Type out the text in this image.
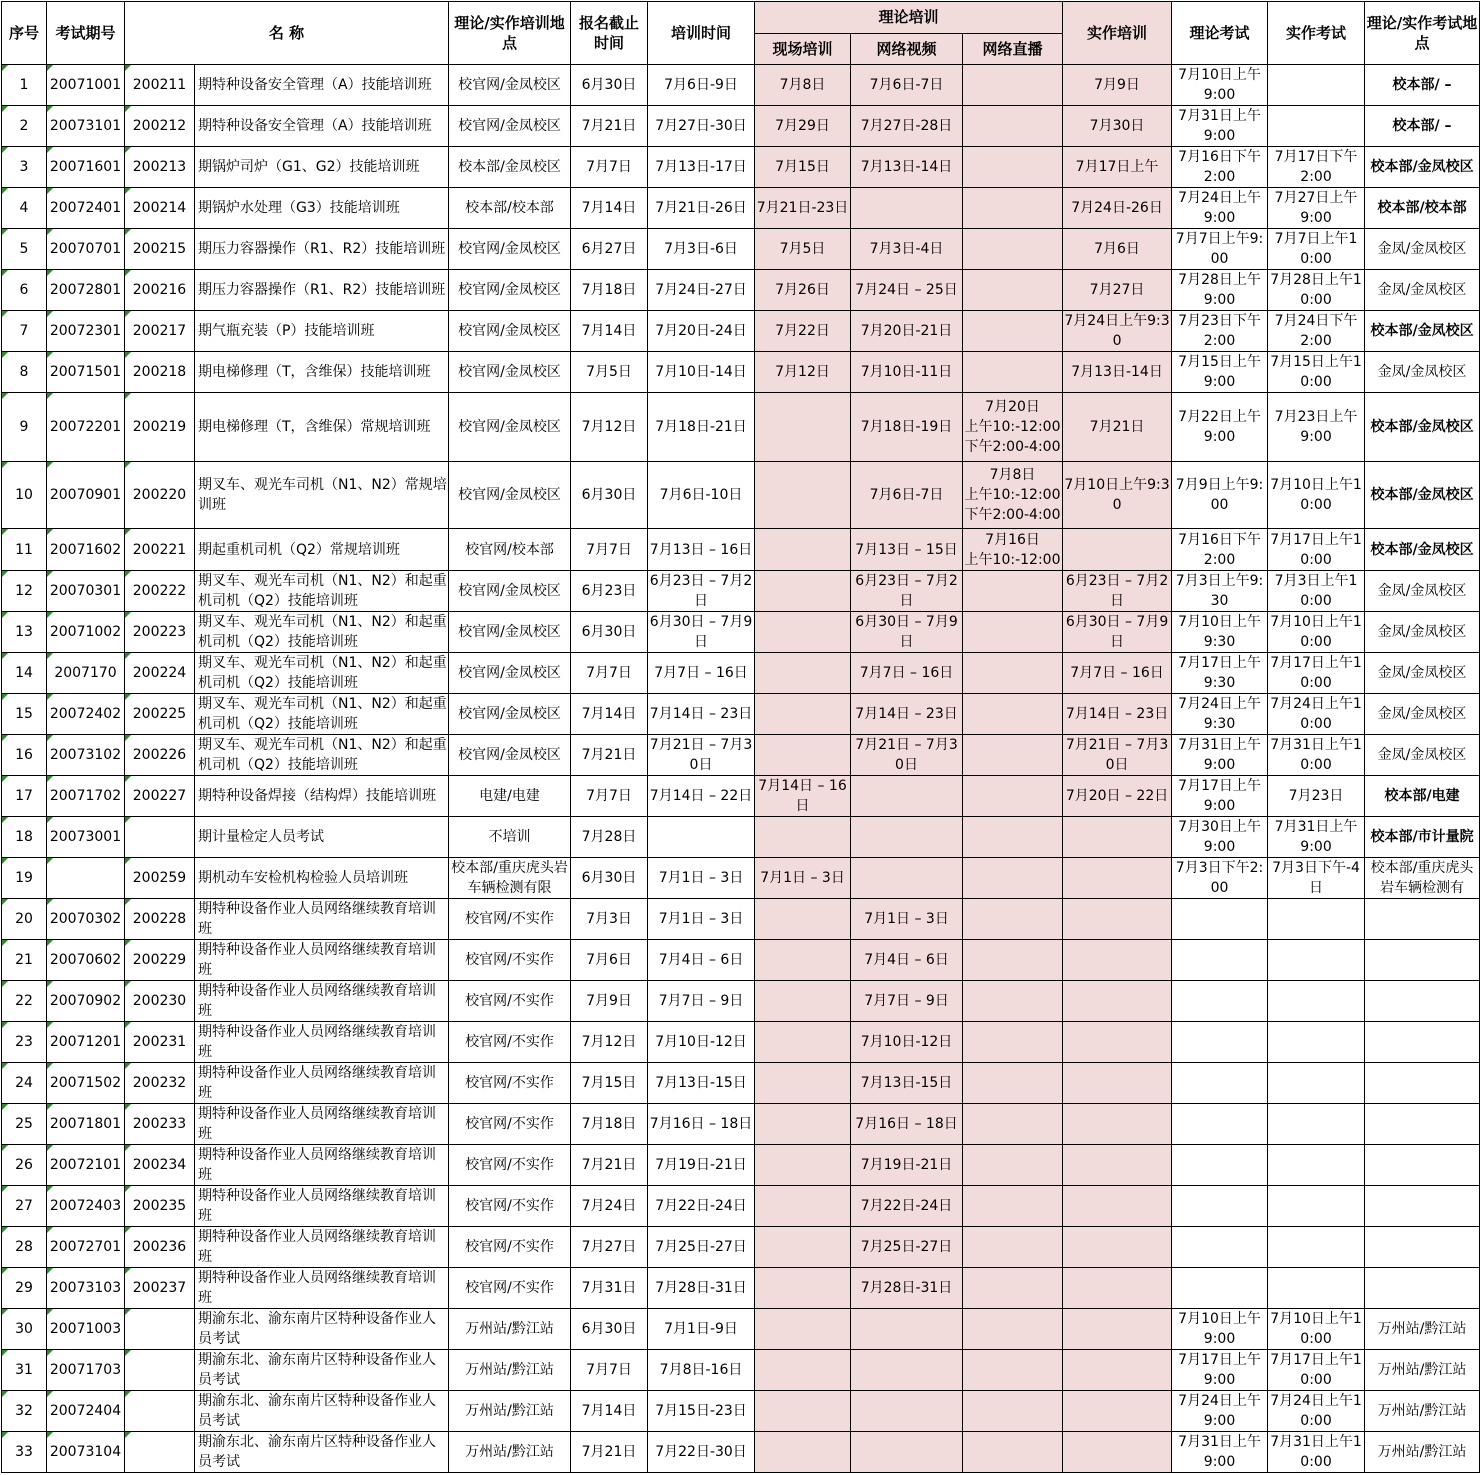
序号	考试期号	名 称		理论/实作培训地点	报名截止时间	培训时间	理论培训			实作培训	理论考试	实作考试	理论/实作考试地点
							现场培训	网络视频	网络直播				
1	20071001	200211	期特种设备安全管理（A）技能培训班	校官网/金凤校区	6月30日	7月6日-9日	7月8日	7月6日-7日		7月9日	7月10日上午9:00		校本部/ –
2	20073101	200212	期特种设备安全管理（A）技能培训班	校官网/金凤校区	7月21日	7月27日-30日	7月29日	7月27日-28日		7月30日	7月31日上午9:00		校本部/ –
3	20071601	200213	期锅炉司炉（G1、G2）技能培训班	校本部/金凤校区	7月7日	7月13日-17日	7月15日	7月13日-14日		7月17日上午	7月16日下午2:00	7月17日下午2:00	校本部/金凤校区
4	20072401	200214	期锅炉水处理（G3）技能培训班	校本部/校本部	7月14日	7月21日-26日	7月21日-23日			7月24日-26日	7月24日上午9:00	7月27日上午9:00	校本部/校本部
5	20070701	200215	期压力容器操作（R1、R2）技能培训班	校官网/金凤校区	6月27日	7月3日-6日	7月5日	7月3日-4日		7月6日	7月7日上午9:00	7月7日上午10:00	金凤/金凤校区
6	20072801	200216	期压力容器操作（R1、R2）技能培训班	校官网/金凤校区	7月18日	7月24日-27日	7月26日	7月24日 – 25日		7月27日	7月28日上午9:00	7月28日上午10:00	金凤/金凤校区
7	20072301	200217	期气瓶充装（P）技能培训班	校官网/金凤校区	7月14日	7月20日-24日	7月22日	7月20日-21日		7月24日上午9:30	7月23日下午2:00	7月24日下午2:00	校本部/金凤校区
8	20071501	200218	期电梯修理（T，含维保）技能培训班	校官网/金凤校区	7月5日	7月10日-14日	7月12日	7月10日-11日		7月13日-14日	7月15日上午9:00	7月15日上午10:00	金凤/金凤校区
9	20072201	200219	期电梯修理（T，含维保）常规培训班	校官网/金凤校区	7月12日	7月18日-21日		7月18日-19日	7月20日
上午10:-12:00
下午2:00-4:00	7月21日	7月22日上午9:00	7月23日上午9:00	校本部/金凤校区
10	20070901	200220	期叉车、观光车司机（N1、N2）常规培训班	校官网/金凤校区	6月30日	7月6日-10日		7月6日-7日	7月8日
上午10:-12:00
下午2:00-4:00	7月10日上午9:30	7月9日上午9:00	7月10日上午10:00	校本部/金凤校区
11	20071602	200221	期起重机司机（Q2）常规培训班	校官网/校本部	7月7日	7月13日 – 16日		7月13日 – 15日	7月16日
上午10:-12:00		7月16日下午2:00	7月17日上午10:00	校本部/金凤校区
12	20070301	200222	期叉车、观光车司机（N1、N2）和起重机司机（Q2）技能培训班	校官网/金凤校区	6月23日	6月23日 – 7月2日		6月23日 – 7月2日		6月23日 – 7月2日	7月3日上午9:30	7月3日上午10:00	金凤/金凤校区
13	20071002	200223	期叉车、观光车司机（N1、N2）和起重机司机（Q2）技能培训班	校官网/金凤校区	6月30日	6月30日 – 7月9日		6月30日 – 7月9日		6月30日 – 7月9日	7月10日上午9:30	7月10日上午10:00	金凤/金凤校区
14	2007170	200224	期叉车、观光车司机（N1、N2）和起重机司机（Q2）技能培训班	校官网/金凤校区	7月7日	7月7日 – 16日		7月7日 – 16日		7月7日 – 16日	7月17日上午9:30	7月17日上午10:00	金凤/金凤校区
15	20072402	200225	期叉车、观光车司机（N1、N2）和起重机司机（Q2）技能培训班	校官网/金凤校区	7月14日	7月14日 – 23日		7月14日 – 23日		7月14日 – 23日	7月24日上午9:30	7月24日上午10:00	金凤/金凤校区
16	20073102	200226	期叉车、观光车司机（N1、N2）和起重机司机（Q2）技能培训班	校官网/金凤校区	7月21日	7月21日 – 7月30日		7月21日 – 7月30日		7月21日 – 7月30日	7月31日上午9:00	7月31日上午10:00	金凤/金凤校区
17	20071702	200227	期特种设备焊接（结构焊）技能培训班	电建/电建	7月7日	7月14日 – 22日	7月14日 – 16日			7月20日 – 22日	7月17日上午9:00	7月23日	校本部/电建
18	20073001		期计量检定人员考试	不培训	7月28日						7月30日上午9:00	7月31日上午9:00	校本部/市计量院
19		200259	期机动车安检机构检验人员培训班	校本部/重庆虎头岩车辆检测有限	6月30日	7月1日 – 3日	7月1日 – 3日				7月3日下午2:00	7月3日下午-4日	校本部/重庆虎头岩车辆检测有
20	20070302	200228	期特种设备作业人员网络继续教育培训班	校官网/不实作	7月3日	7月1日 – 3日		7月1日 – 3日					
21	20070602	200229	期特种设备作业人员网络继续教育培训班	校官网/不实作	7月6日	7月4日 – 6日		7月4日 – 6日					
22	20070902	200230	期特种设备作业人员网络继续教育培训班	校官网/不实作	7月9日	7月7日 – 9日		7月7日 – 9日					
23	20071201	200231	期特种设备作业人员网络继续教育培训班	校官网/不实作	7月12日	7月10日-12日		7月10日-12日					
24	20071502	200232	期特种设备作业人员网络继续教育培训班	校官网/不实作	7月15日	7月13日-15日		7月13日-15日					
25	20071801	200233	期特种设备作业人员网络继续教育培训班	校官网/不实作	7月18日	7月16日 – 18日		7月16日 – 18日					
26	20072101	200234	期特种设备作业人员网络继续教育培训班	校官网/不实作	7月21日	7月19日-21日		7月19日-21日					
27	20072403	200235	期特种设备作业人员网络继续教育培训班	校官网/不实作	7月24日	7月22日-24日		7月22日-24日					
28	20072701	200236	期特种设备作业人员网络继续教育培训班	校官网/不实作	7月27日	7月25日-27日		7月25日-27日					
29	20073103	200237	期特种设备作业人员网络继续教育培训班	校官网/不实作	7月31日	7月28日-31日		7月28日-31日					
30	20071003		期渝东北、渝东南片区特种设备作业人员考试	万州站/黔江站	6月30日	7月1日-9日					7月10日上午9:00	7月10日上午10:00	万州站/黔江站
31	20071703		期渝东北、渝东南片区特种设备作业人员考试	万州站/黔江站	7月7日	7月8日-16日					7月17日上午9:00	7月17日上午10:00	万州站/黔江站
32	20072404		期渝东北、渝东南片区特种设备作业人员考试	万州站/黔江站	7月14日	7月15日-23日					7月24日上午9:00	7月24日上午10:00	万州站/黔江站
33	20073104		期渝东北、渝东南片区特种设备作业人员考试	万州站/黔江站	7月21日	7月22日-30日					7月31日上午9:00	7月31日上午10:00	万州站/黔江站
